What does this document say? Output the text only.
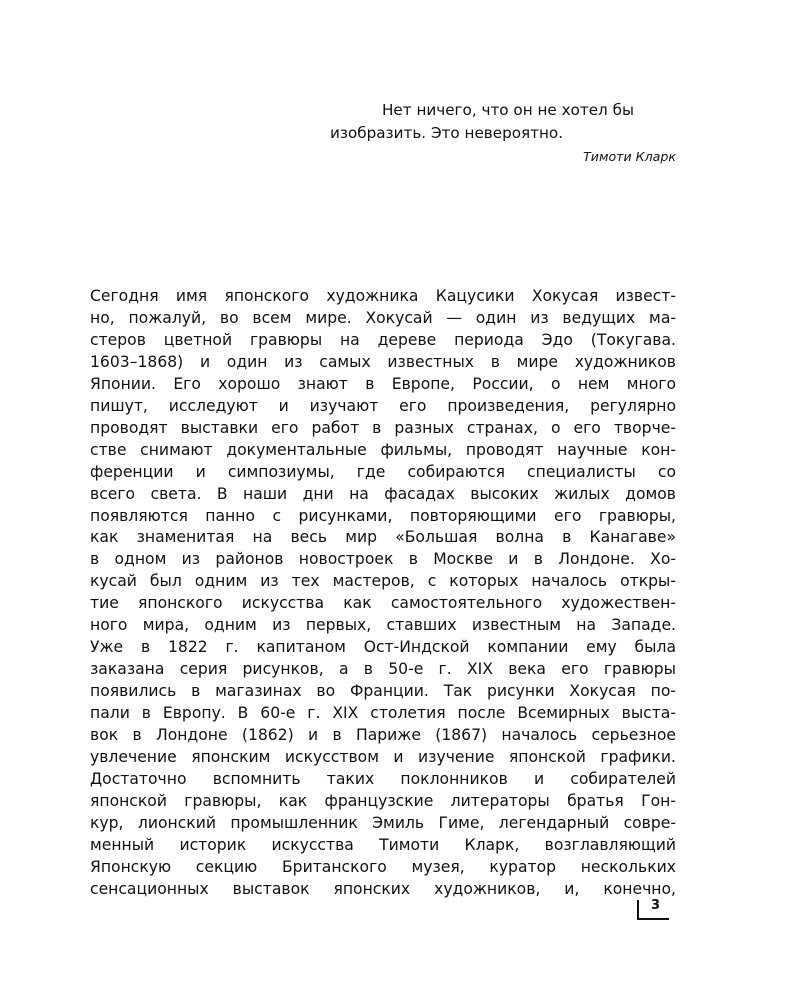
Нет ничего, что он не хотел бы
изобразить. Это невероятно.
Тимоти Кларк
Сегодня имя японского художника Кацусики Хокусая извест-
но, пожалуй, во всем мире. Хокусай — один из ведущих ма-
стеров цветной гравюры на дереве периода Эдо (Токугава.
1603–1868) и один из самых известных в мире художников
Японии. Его хорошо знают в Европе, России, о нем много
пишут, исследуют и изучают его произведения, регулярно
проводят выставки его работ в разных странах, о его творче-
стве снимают документальные фильмы, проводят научные кон-
ференции и симпозиумы, где собираются специалисты со
всего света. В наши дни на фасадах высоких жилых домов
появляются панно с рисунками, повторяющими его гравюры,
как знаменитая на весь мир «Большая волна в Канагаве»
в одном из районов новостроек в Москве и в Лондоне. Хо-
кусай был одним из тех мастеров, с которых началось откры-
тие японского искусства как самостоятельного художествен-
ного мира, одним из первых, ставших известным на Западе.
Уже в 1822 г. капитаном Ост-Индской компании ему была
заказана серия рисунков, а в 50-е г. XIX века его гравюры
появились в магазинах во Франции. Так рисунки Хокусая по-
пали в Европу. В 60-е г. XIX столетия после Всемирных выста-
вок в Лондоне (1862) и в Париже (1867) началось серьезное
увлечение японским искусством и изучение японской графики.
Достаточно вспомнить таких поклонников и собирателей
японской гравюры, как французские литераторы братья Гон-
кур, лионский промышленник Эмиль Гиме, легендарный совре-
менный историк искусства Тимоти Кларк, возглавляющий
Японскую секцию Британского музея, куратор нескольких
сенсационных выставок японских художников, и, конечно,
3
